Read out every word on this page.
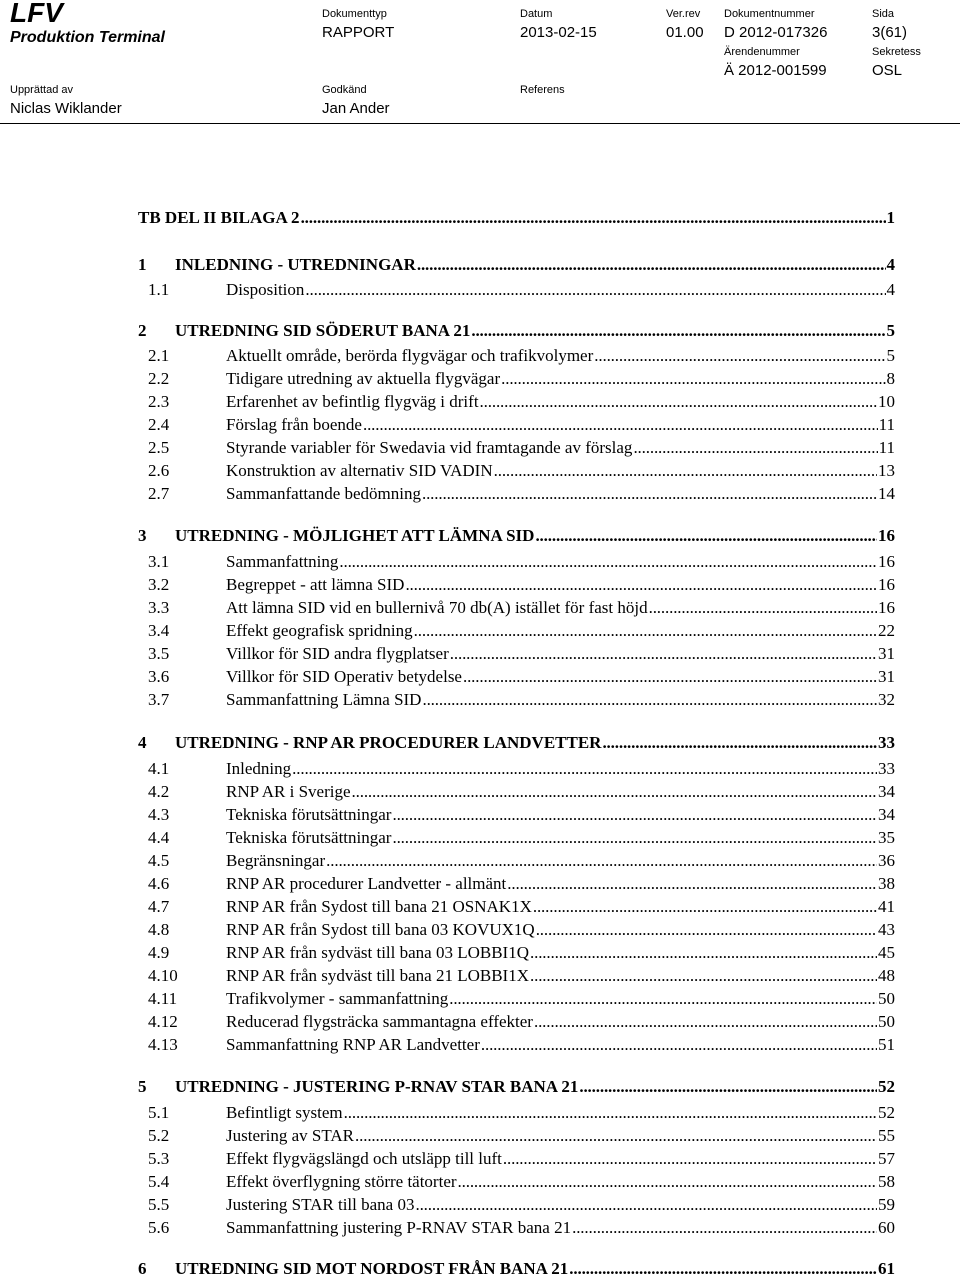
LFV
Produktion Terminal
Dokumenttyp
RAPPORT
Datum
2013-02-15
Ver.rev
01.00
Dokumentnummer
D 2012-017326
Sida
3(61)
Ärendenummer
Ä 2012-001599
Sekretess
OSL
Upprättad av
Niclas Wiklander
Godkänd
Jan Ander
Referens
TB DEL II BILAGA 2 . . .	1
1	INLEDNING - UTREDNINGAR . . .	4
1.1	Disposition . . .	4
2	UTREDNING SID SÖDERUT BANA 21 . . .	5
2.1	Aktuellt område, berörda flygvägar och trafikvolymer . . .	5
2.2	Tidigare utredning av aktuella flygvägar . . .	8
2.3	Erfarenhet av befintlig flygväg i drift . . .	10
2.4	Förslag från boende . . .	11
2.5	Styrande variabler för Swedavia vid framtagande av förslag . . .	11
2.6	Konstruktion av alternativ SID VADIN . . .	13
2.7	Sammanfattande bedömning . . .	14
3	UTREDNING - MÖJLIGHET ATT LÄMNA SID . . .	16
3.1	Sammanfattning . . .	16
3.2	Begreppet - att lämna SID . . .	16
3.3	Att lämna SID vid en bullernivå 70 db(A) istället för fast höjd . . .	16
3.4	Effekt geografisk spridning . . .	22
3.5	Villkor för SID andra flygplatser . . .	31
3.6	Villkor för SID Operativ betydelse . . .	31
3.7	Sammanfattning Lämna SID . . .	32
4	UTREDNING - RNP AR PROCEDURER LANDVETTER . . .	33
4.1	Inledning . . .	33
4.2	RNP AR i Sverige . . .	34
4.3	Tekniska förutsättningar . . .	34
4.4	Tekniska förutsättningar . . .	35
4.5	Begränsningar . . .	36
4.6	RNP AR procedurer Landvetter - allmänt . . .	38
4.7	RNP AR från Sydost till bana 21 OSNAK1X . . .	41
4.8	RNP AR från Sydost till bana 03 KOVUX1Q . . .	43
4.9	RNP AR från sydväst till bana 03 LOBBI1Q . . .	45
4.10	RNP AR från sydväst till bana 21 LOBBI1X . . .	48
4.11	Trafikvolymer - sammanfattning . . .	50
4.12	Reducerad flygsträcka sammantagna effekter . . .	50
4.13	Sammanfattning RNP AR Landvetter . . .	51
5	UTREDNING - JUSTERING P-RNAV STAR BANA 21 . . .	52
5.1	Befintligt system . . .	52
5.2	Justering av STAR . . .	55
5.3	Effekt flygvägslängd och utsläpp till luft . . .	57
5.4	Effekt överflygning större tätorter . . .	58
5.5	Justering STAR till bana 03 . . .	59
5.6	Sammanfattning justering P-RNAV STAR bana 21 . . .	60
6	UTREDNING SID MOT NORDOST FRÅN BANA 21 . . .	61
